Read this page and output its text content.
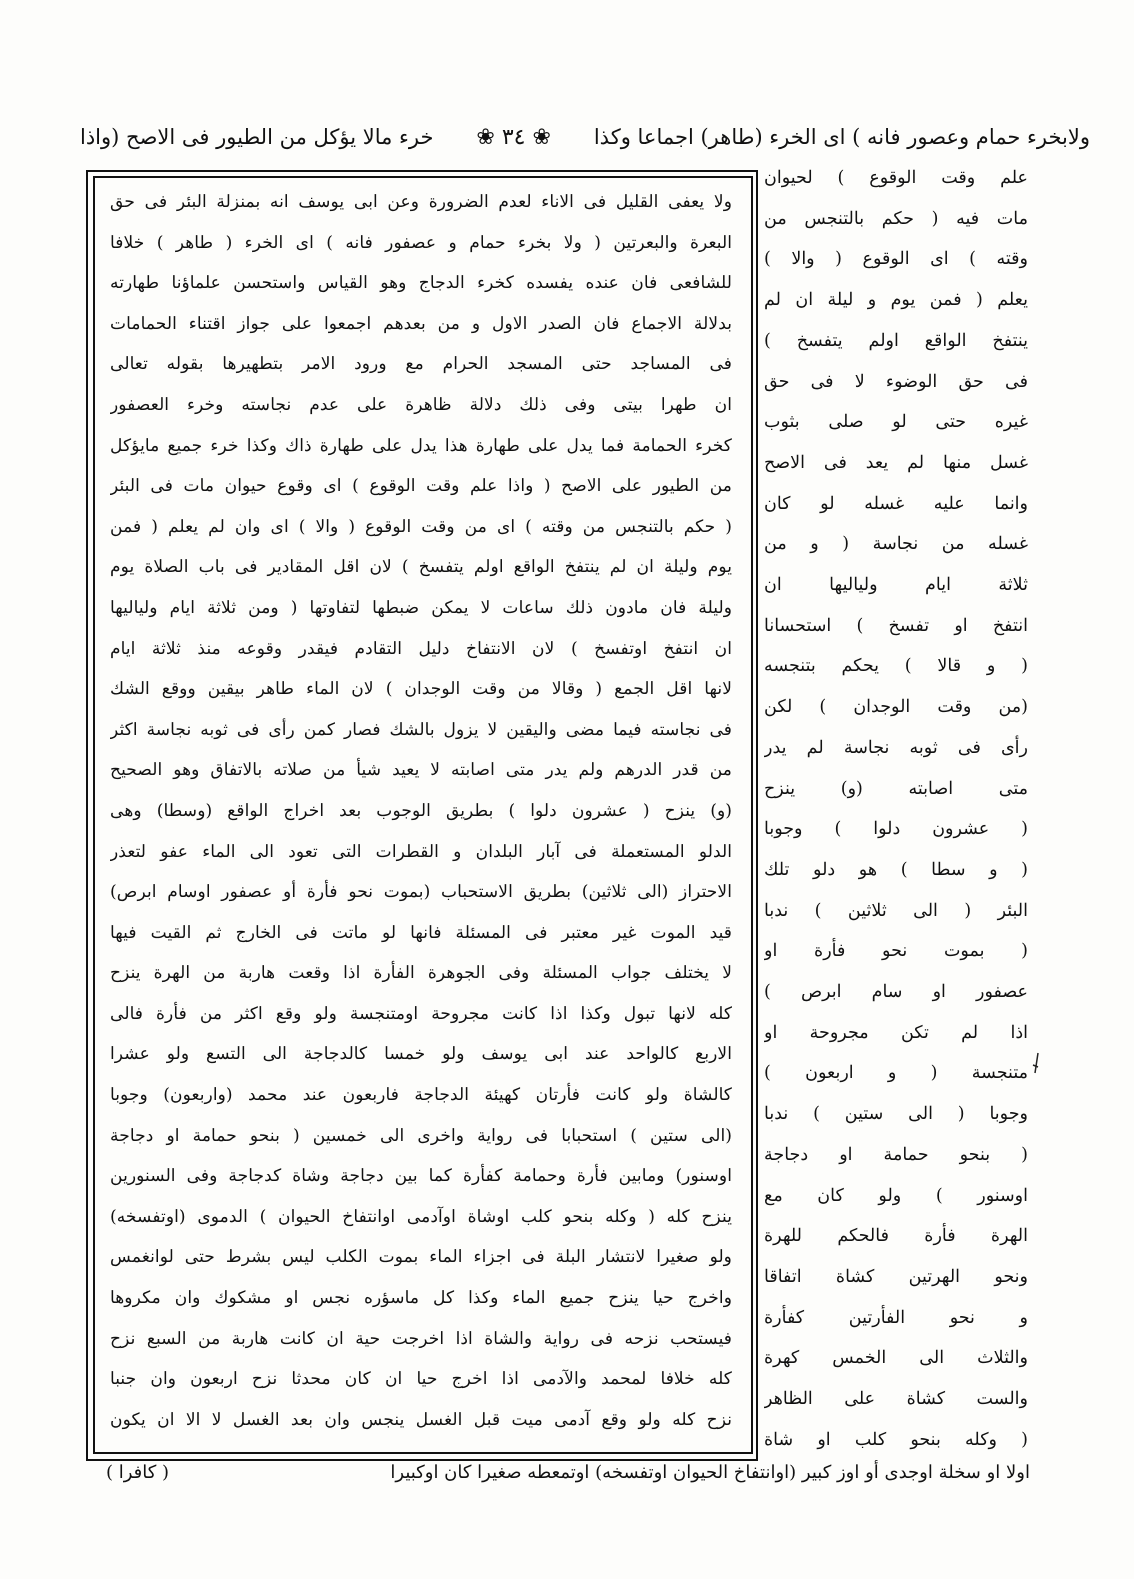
ولابخرء حمام وعصور فانه ) اى الخرء (طاهر) اجماعا وكذا
❀ ٣٤ ❀
خرء مالا يؤكل من الطيور فى الاصح (واذا
ولا يعفى القليل فى الاناء لعدم الضرورة وعن ابى يوسف انه بمنزلة البئر فى حق
البعرة والبعرتين ( ولا بخرء حمام و عصفور فانه ) اى الخرء ( طاهر ) خلافا
للشافعى فان عنده يفسده كخرء الدجاج وهو القياس واستحسن علماؤنا طهارته
بدلالة الاجماع فان الصدر الاول و من بعدهم اجمعوا على جواز اقتناء الحمامات
فى المساجد حتى المسجد الحرام مع ورود الامر بتطهيرها بقوله تعالى
ان طهرا بيتى وفى ذلك دلالة ظاهرة على عدم نجاسته وخرء العصفور
كخرء الحمامة فما يدل على طهارة هذا يدل على طهارة ذاك وكذا خرء جميع مايؤكل
من الطيور على الاصح ( واذا علم وقت الوقوع ) اى وقوع حيوان مات فى البئر
( حكم بالتنجس من وقته ) اى من وقت الوقوع ( والا ) اى وان لم يعلم ( فمن
يوم وليلة ان لم ينتفخ الواقع اولم يتفسخ ) لان اقل المقادير فى باب الصلاة يوم
وليلة فان مادون ذلك ساعات لا يمكن ضبطها لتفاوتها ( ومن ثلاثة ايام ولياليها
ان انتفخ اوتفسخ ) لان الانتفاخ دليل التقادم فيقدر وقوعه منذ ثلاثة ايام
لانها اقل الجمع ( وقالا من وقت الوجدان ) لان الماء طاهر بيقين ووقع الشك
فى نجاسته فيما مضى واليقين لا يزول بالشك فصار كمن رأى فى ثوبه نجاسة اكثر
من قدر الدرهم ولم يدر متى اصابته لا يعيد شيأ من صلاته بالاتفاق وهو الصحيح
(و) ينزح ( عشرون دلوا ) بطريق الوجوب بعد اخراج الواقع (وسطا) وهى
الدلو المستعملة فى آبار البلدان و القطرات التى تعود الى الماء عفو لتعذر
الاحتراز (الى ثلاثين) بطريق الاستحباب (بموت نحو فأرة أو عصفور اوسام ابرص)
قيد الموت غير معتبر فى المسئلة فانها لو ماتت فى الخارج ثم القيت فيها
لا يختلف جواب المسئلة وفى الجوهرة الفأرة اذا وقعت هاربة من الهرة ينزح
كله لانها تبول وكذا اذا كانت مجروحة اومتنجسة ولو وقع اكثر من فأرة فالى
الاربع كالواحد عند ابى يوسف ولو خمسا كالدجاجة الى التسع ولو عشرا
كالشاة ولو كانت فأرتان كهيئة الدجاجة فاربعون عند محمد (واربعون) وجوبا
(الى ستين ) استحبابا فى رواية واخرى الى خمسين ( بنحو حمامة او دجاجة
اوسنور) ومابين فأرة وحمامة كفأرة كما بين دجاجة وشاة كدجاجة وفى السنورين
ينزح كله ( وكله بنحو كلب اوشاة اوآدمى اوانتفاخ الحيوان ) الدموى (اوتفسخه)
ولو صغيرا لانتشار البلة فى اجزاء الماء بموت الكلب ليس بشرط حتى لوانغمس
واخرج حيا ينزح جميع الماء وكذا كل ماسؤره نجس او مشكوك وان مكروها
فيستحب نزحه فى رواية والشاة اذا اخرجت حية ان كانت هاربة من السبع نزح
كله خلافا لمحمد والآدمى اذا اخرج حيا ان كان محدثا نزح اربعون وان جنبا
نزح كله ولو وقع آدمى ميت قبل الغسل ينجس وان بعد الغسل لا الا ان يكون
علم وقت الوقوع ) لحيوان
مات فيه ( حكم بالتنجس من
وقته ) اى الوقوع ( والا )
يعلم ( فمن يوم و ليلة ان لم
ينتفخ الواقع اولم يتفسخ )
فى حق الوضوء لا فى حق
غيره حتى لو صلى بثوب
غسل منها لم يعد فى الاصح
وانما عليه غسله لو كان
غسله من نجاسة ( و من
ثلاثة ايام ولياليها ان
انتفخ او تفسخ ) استحسانا
( و قالا ) يحكم بتنجسه
(من وقت الوجدان ) لكن
رأى فى ثوبه نجاسة لم يدر
متى اصابته (و) ينزح
( عشرون دلوا ) وجوبا
( و سطا ) هو دلو تلك
البئر ( الى ثلاثين ) ندبا
( بموت نحو فأرة او
عصفور او سام ابرص )
اذا لم تكن مجروحة او
متنجسة ( و اربعون )
وجوبا ( الى ستين ) ندبا
( بنحو حمامة او دجاجة
اوسنور ) ولو كان مع
الهرة فأرة فالحكم للهرة
ونحو الهرتين كشاة اتفاقا
و نحو الفأرتين كفأرة
والثلاث الى الخمس كهرة
والست كشاة على الظاهر
( وكله بنحو كلب او شاة
اولا او سخلة اوجدى أو اوز كبير (اوانتفاخ الحيوان اوتفسخه) اوتمعطه صغيرا كان اوكبيرا
( كافرا )
